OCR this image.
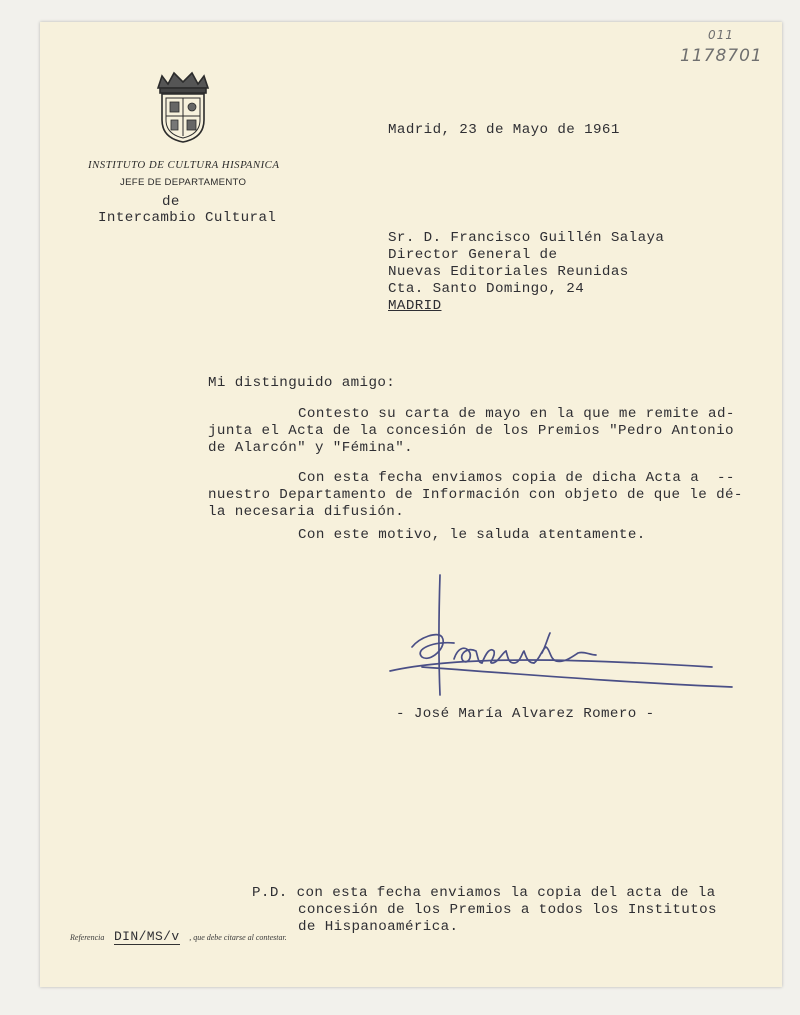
011
1178701
INSTITUTO DE CULTURA HISPANICA
JEFE DE DEPARTAMENTO
de
Intercambio Cultural
Madrid, 23 de Mayo de 1961
Sr. D. Francisco Guillén Salaya
Director General de
Nuevas Editoriales Reunidas
Cta. Santo Domingo, 24
MADRID
Mi distinguido amigo:
Contesto su carta de mayo en la que me remite ad-
junta el Acta de la concesión de los Premios "Pedro Antonio
de Alarcón" y "Fémina".
Con esta fecha enviamos copia de dicha Acta a  --
nuestro Departamento de Información con objeto de que le dé-
la necesaria difusión.
Con este motivo, le saluda atentamente.
- José María Alvarez Romero -
P.D. con esta fecha enviamos la copia del acta de la
concesión de los Premios a todos los Institutos
de Hispanoamérica.
Referencia DIN/MS/v , que debe citarse al contestar.
